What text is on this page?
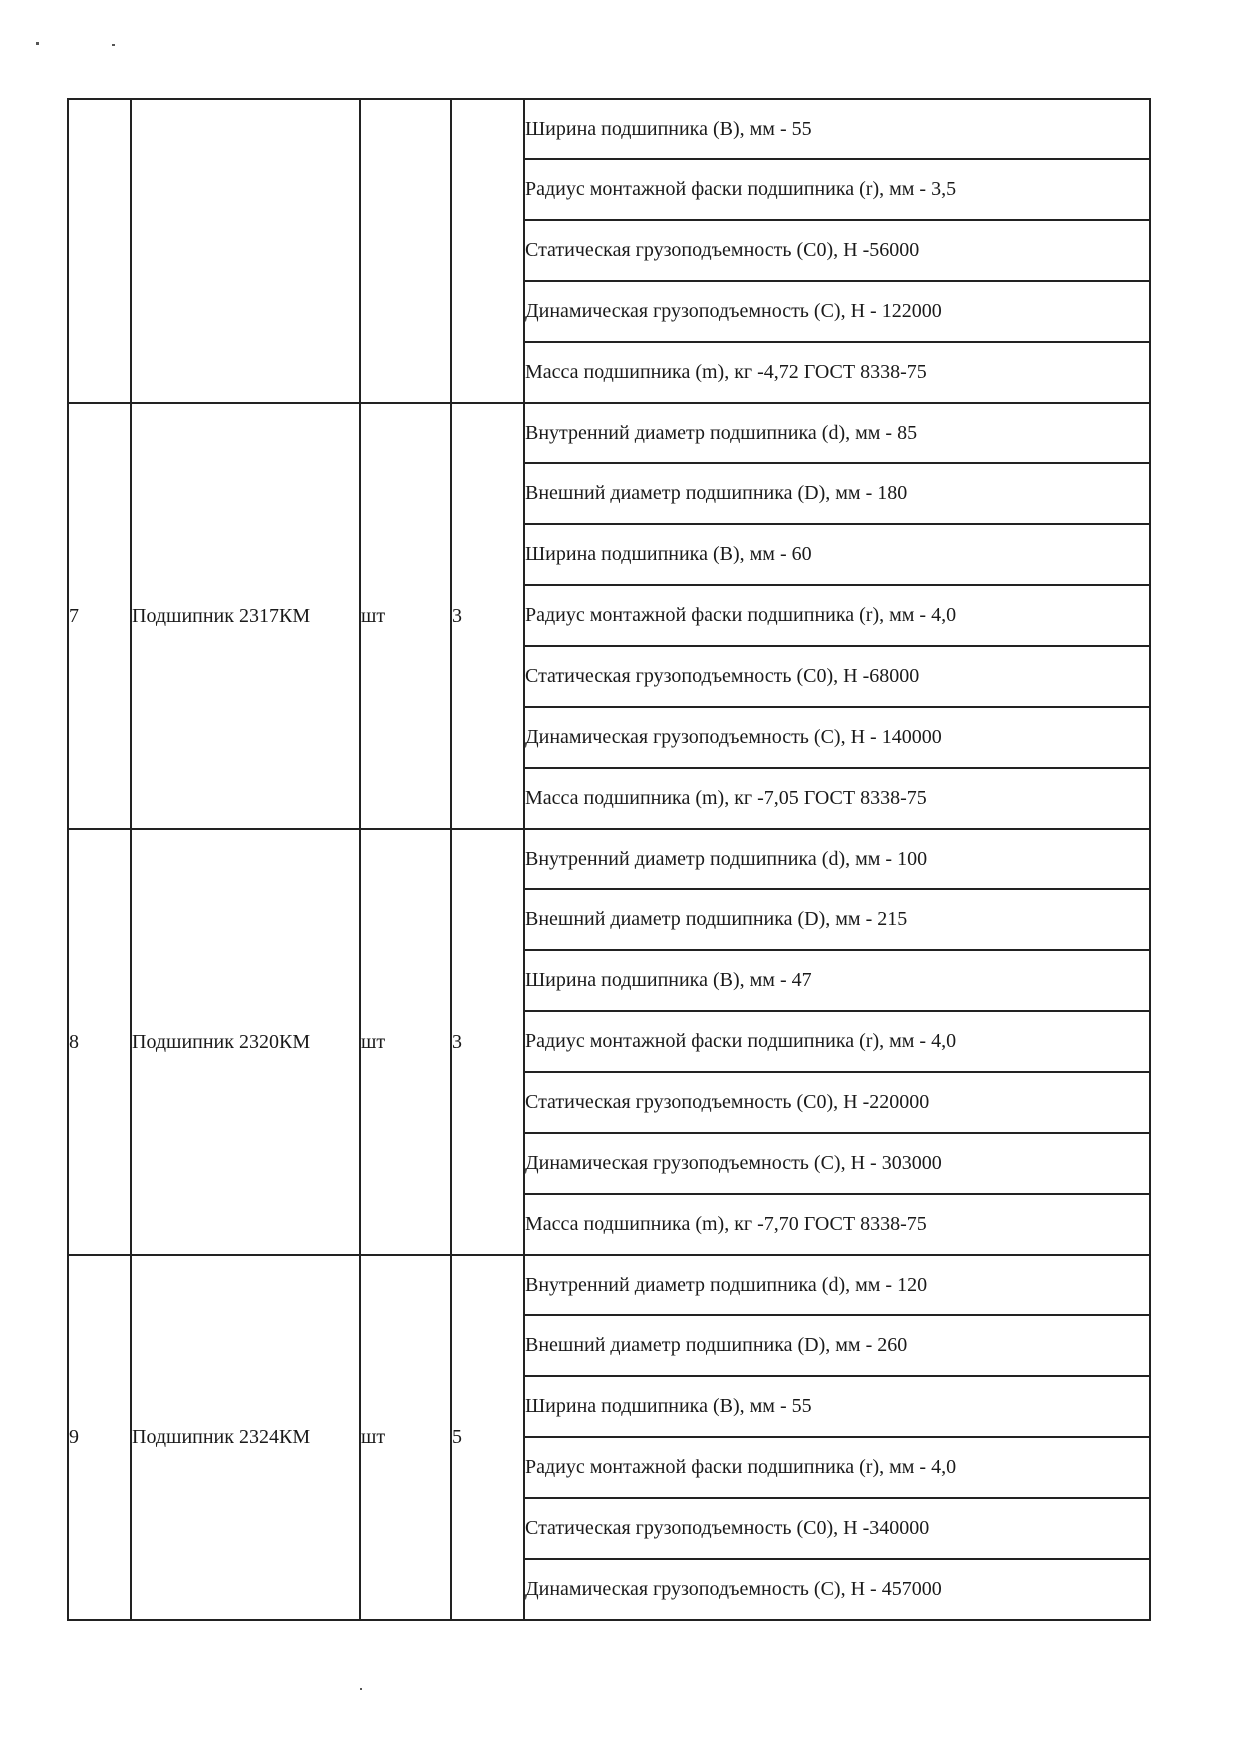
				Ширина подшипника (B), мм - 55
				Радиус монтажной фаски подшипника (r), мм - 3,5
				Статическая грузоподъемность (C0), Н -56000
				Динамическая грузоподъемность (C), Н - 122000
				Масса подшипника (m), кг -4,72 ГОСТ 8338-75
7	Подшипник 2317КМ	шт	3	Внутренний диаметр подшипника (d), мм - 85
				Внешний диаметр подшипника (D), мм - 180
				Ширина подшипника (B), мм - 60
				Радиус монтажной фаски подшипника (r), мм - 4,0
				Статическая грузоподъемность (C0), Н -68000
				Динамическая грузоподъемность (C), Н - 140000
				Масса подшипника (m), кг -7,05 ГОСТ 8338-75
8	Подшипник 2320КМ	шт	3	Внутренний диаметр подшипника (d), мм - 100
				Внешний диаметр подшипника (D), мм - 215
				Ширина подшипника (B), мм - 47
				Радиус монтажной фаски подшипника (r), мм - 4,0
				Статическая грузоподъемность (C0), Н -220000
				Динамическая грузоподъемность (C), Н - 303000
				Масса подшипника (m), кг -7,70 ГОСТ 8338-75
9	Подшипник 2324КМ	шт	5	Внутренний диаметр подшипника (d), мм - 120
				Внешний диаметр подшипника (D), мм - 260
				Ширина подшипника (B), мм - 55
				Радиус монтажной фаски подшипника (r), мм - 4,0
				Статическая грузоподъемность (C0), Н -340000
				Динамическая грузоподъемность (C), Н - 457000
